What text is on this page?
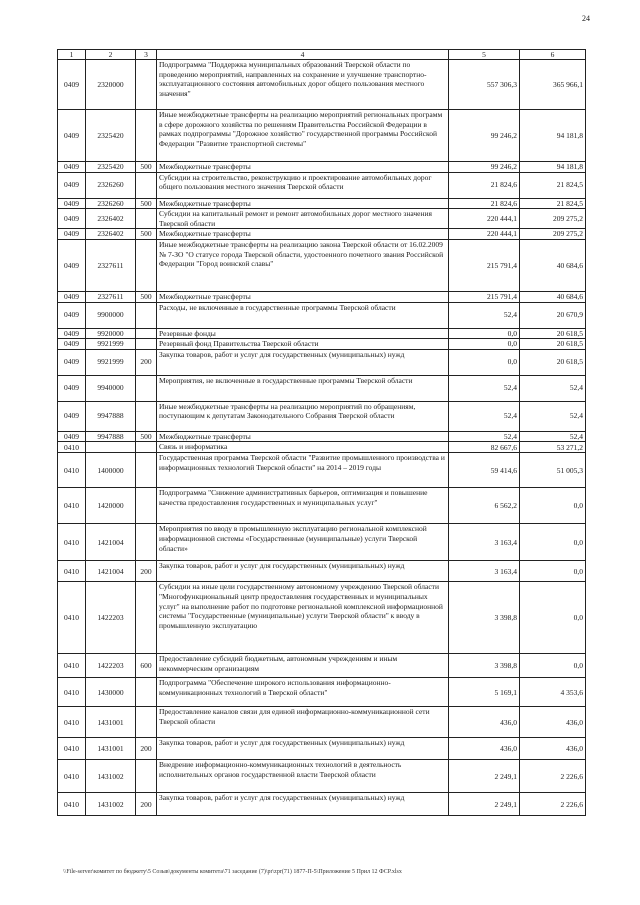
24
1	2	3	4	5	6
0409	2320000		Подпрограмма "Поддержка муниципальных образований Тверской области по проведению мероприятий, направленных на сохранение и улучшение транспортно-эксплуатационного состояния автомобильных дорог общего пользования местного значения"	557 306,3	365 966,1
0409	2325420		Иные межбюджетные трансферты на реализацию мероприятий региональных программ в сфере дорожного хозяйства по решениям Правительства Российской Федерации в рамках подпрограммы "Дорожное хозяйство" государственной программы Российской Федерации "Развитие транспортной системы"	99 246,2	94 181,8
0409	2325420	500	Межбюджетные трансферты	99 246,2	94 181,8
0409	2326260		Субсидии на строительство, реконструкцию и проектирование автомобильных дорог общего пользования местного значения Тверской области	21 824,6	21 824,5
0409	2326260	500	Межбюджетные трансферты	21 824,6	21 824,5
0409	2326402		Субсидии на капитальный ремонт и ремонт автомобильных дорог местного значения Тверской области	220 444,1	209 275,2
0409	2326402	500	Межбюджетные трансферты	220 444,1	209 275,2
0409	2327611		Иные межбюджетные трансферты на реализацию закона Тверской области от 16.02.2009 № 7-ЗО "О статусе города Тверской области, удостоенного почетного звания Российской Федерации "Город воинской славы"	215 791,4	40 684,6
0409	2327611	500	Межбюджетные трансферты	215 791,4	40 684,6
0409	9900000		Расходы, не включенные в государственные программы Тверской области	52,4	20 670,9
0409	9920000		Резервные фонды	0,0	20 618,5
0409	9921999		Резервный фонд Правительства Тверской области	0,0	20 618,5
0409	9921999	200	Закупка товаров, работ и услуг для государственных (муниципальных) нужд	0,0	20 618,5
0409	9940000		Мероприятия, не включенные в государственные программы Тверской области	52,4	52,4
0409	9947888		Иные межбюджетные трансферты на реализацию мероприятий по обращениям, поступающим к депутатам Законодательного Собрания Тверской области	52,4	52,4
0409	9947888	500	Межбюджетные трансферты	52,4	52,4
0410			Связь и информатика	82 667,6	53 271,2
0410	1400000		Государственная программа Тверской области "Развитие промышленного производства и информационных технологий Тверской области" на 2014 – 2019 годы	59 414,6	51 005,3
0410	1420000		Подпрограмма "Снижение административных барьеров, оптимизация и повышение качества предоставления государственных и муниципальных услуг"	6 562,2	0,0
0410	1421004		Мероприятия по вводу в промышленную эксплуатацию региональной комплексной информационной системы «Государственные (муниципальные) услуги Тверской области»	3 163,4	0,0
0410	1421004	200	Закупка товаров, работ и услуг для государственных (муниципальных) нужд	3 163,4	0,0
0410	1422203		Субсидии на иные цели государственному автономному учреждению Тверской области "Многофункциональный центр предоставления государственных и муниципальных услуг" на выполнение работ по подготовке региональной комплексной информационной системы "Государственные (муниципальные) услуги Тверской области" к вводу в промышленную эксплуатацию	3 398,8	0,0
0410	1422203	600	Предоставление субсидий бюджетным, автономным учреждениям и иным некоммерческим организациям	3 398,8	0,0
0410	1430000		Подпрограмма "Обеспечение широкого использования информационно-коммуникационных технологий в Тверской области"	5 169,1	4 353,6
0410	1431001		Предоставление каналов связи для единой информационно-коммуникационной сети Тверской области	436,0	436,0
0410	1431001	200	Закупка товаров, работ и услуг для государственных (муниципальных) нужд	436,0	436,0
0410	1431002		Внедрение информационно-коммуникационных технологий в деятельность исполнительных органов государственной власти Тверской области	2 249,1	2 226,6
0410	1431002	200	Закупка товаров, работ и услуг для государственных (муниципальных) нужд	2 249,1	2 226,6
\\File-server\комитет по бюджету\5 Созыв\документы комитета\71 заседание (7)\pr\zpr(71) 1877-П-5\Приложение 5 Прил 12 ФСР.xlsx
